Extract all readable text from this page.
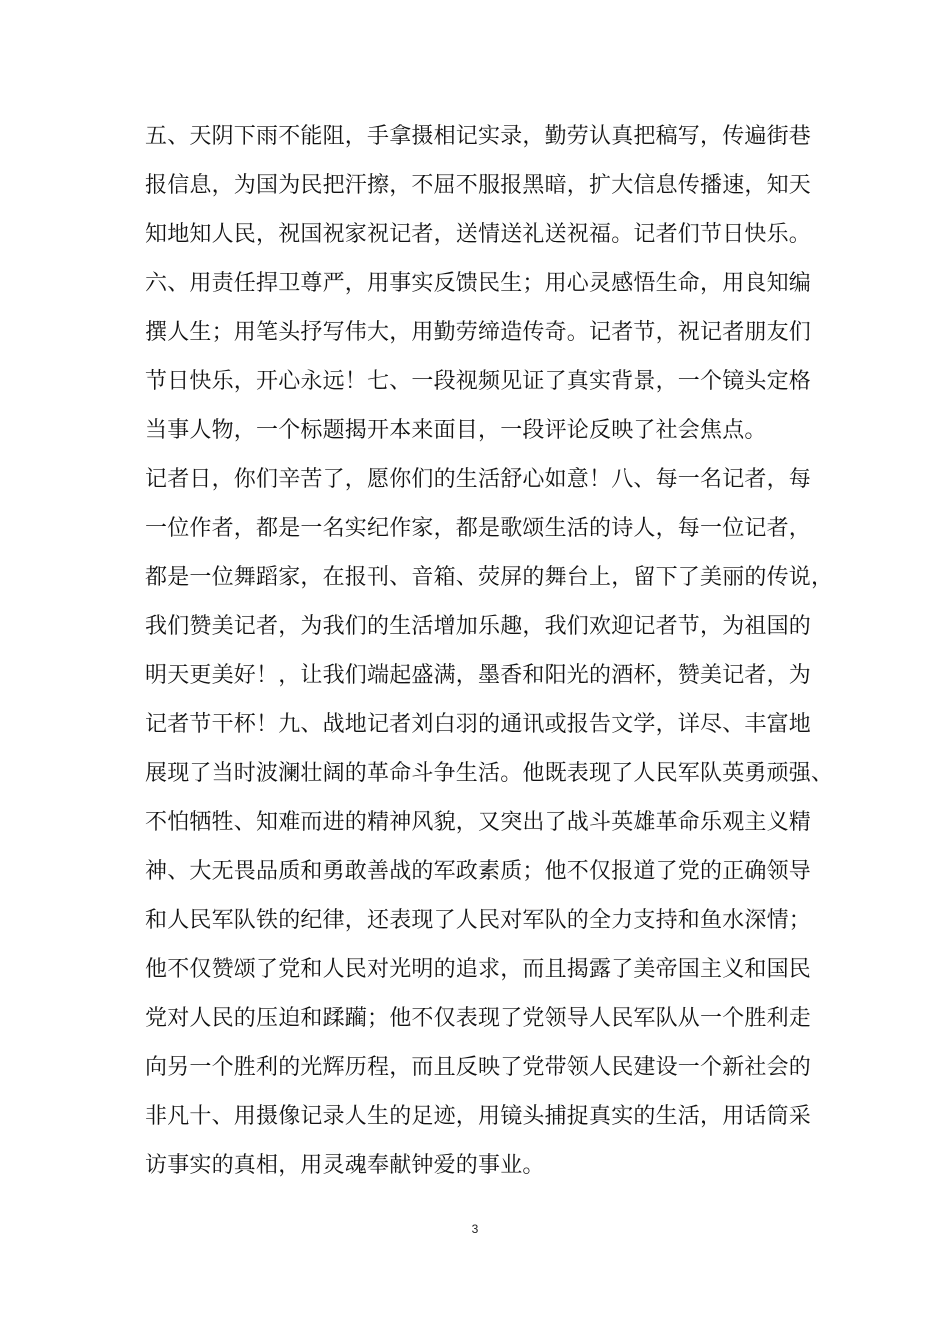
五、天阴下雨不能阻，手拿摄相记实录，勤劳认真把稿写，传遍街巷
报信息，为国为民把汗擦，不屈不服报黑暗，扩大信息传播速，知天
知地知人民，祝国祝家祝记者，送情送礼送祝福。记者们节日快乐。
六、用责任捍卫尊严，用事实反馈民生；用心灵感悟生命，用良知编
撰人生；用笔头抒写伟大，用勤劳缔造传奇。记者节，祝记者朋友们
节日快乐，开心永远！七、一段视频见证了真实背景，一个镜头定格
当事人物，一个标题揭开本来面目，一段评论反映了社会焦点。
记者日，你们辛苦了，愿你们的生活舒心如意！八、每一名记者，每
一位作者，都是一名实纪作家，都是歌颂生活的诗人，每一位记者，
都是一位舞蹈家，在报刊、音箱、荧屏的舞台上，留下了美丽的传说，
我们赞美记者，为我们的生活增加乐趣，我们欢迎记者节，为祖国的
明天更美好！，让我们端起盛满，墨香和阳光的酒杯，赞美记者，为
记者节干杯！九、战地记者刘白羽的通讯或报告文学，详尽、丰富地
展现了当时波澜壮阔的革命斗争生活。他既表现了人民军队英勇顽强、
不怕牺牲、知难而进的精神风貌，又突出了战斗英雄革命乐观主义精
神、大无畏品质和勇敢善战的军政素质；他不仅报道了党的正确领导
和人民军队铁的纪律，还表现了人民对军队的全力支持和鱼水深情；
他不仅赞颂了党和人民对光明的追求，而且揭露了美帝国主义和国民
党对人民的压迫和蹂躏；他不仅表现了党领导人民军队从一个胜利走
向另一个胜利的光辉历程，而且反映了党带领人民建设一个新社会的
非凡十、用摄像记录人生的足迹，用镜头捕捉真实的生活，用话筒采
访事实的真相，用灵魂奉献钟爱的事业。
3
